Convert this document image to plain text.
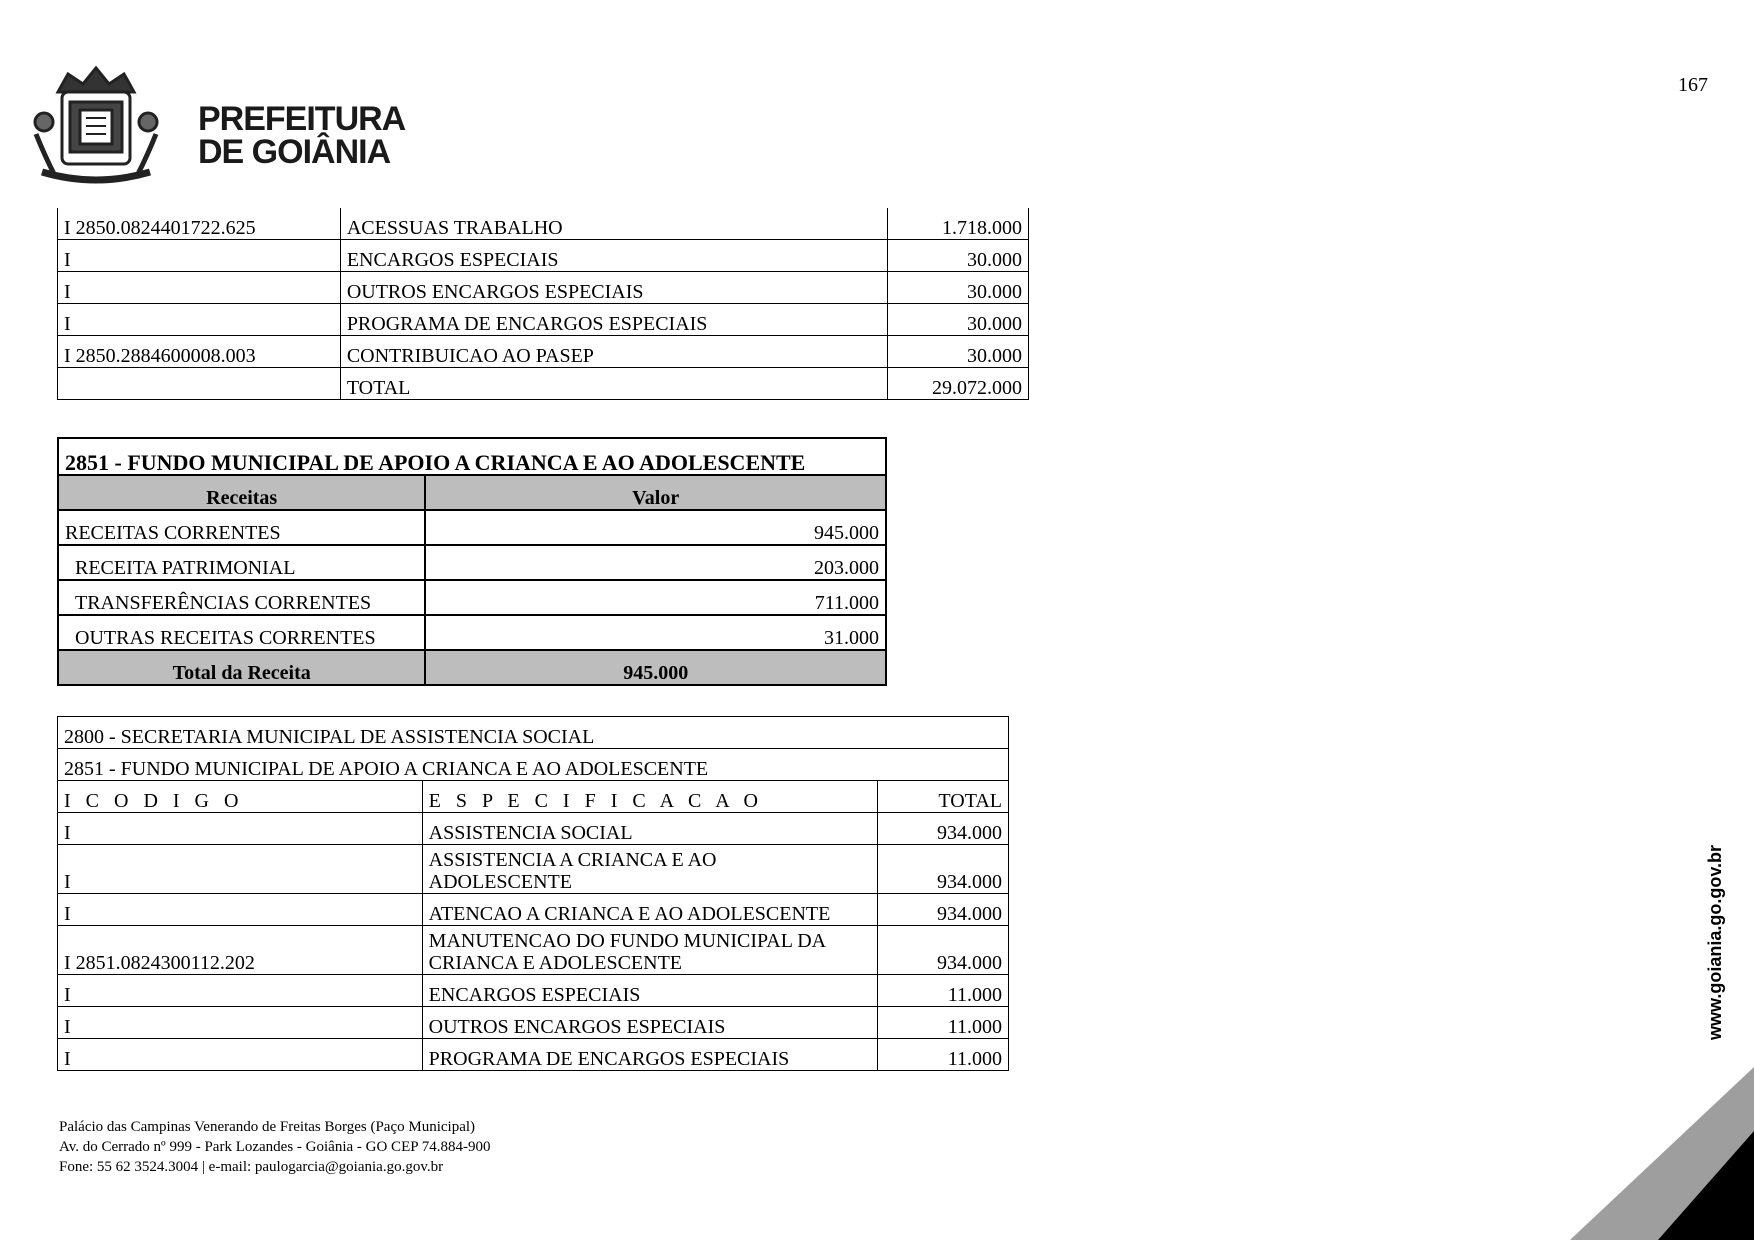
PREFEITURA
DE GOIÂNIA
167
I 2850.0824401722.625	ACESSUAS TRABALHO	1.718.000
I	ENCARGOS ESPECIAIS	30.000
I	OUTROS ENCARGOS ESPECIAIS	30.000
I	PROGRAMA DE ENCARGOS ESPECIAIS	30.000
I 2850.2884600008.003	CONTRIBUICAO AO PASEP	30.000
	TOTAL	29.072.000
2851 - FUNDO MUNICIPAL DE APOIO A CRIANCA E AO ADOLESCENTE	
Receitas	Valor
RECEITAS CORRENTES	945.000
RECEITA PATRIMONIAL	203.000
TRANSFERÊNCIAS CORRENTES	711.000
OUTRAS RECEITAS CORRENTES	31.000
Total da Receita	945.000
2800 - SECRETARIA MUNICIPAL DE ASSISTENCIA SOCIAL		
2851 - FUNDO MUNICIPAL DE APOIO A CRIANCA E AO ADOLESCENTE		
I C O D I G O	E S P E C I F I C A C A O	TOTAL
I	ASSISTENCIA SOCIAL	934.000
I	ASSISTENCIA A CRIANCA E AO
ADOLESCENTE	934.000
I	ATENCAO A CRIANCA E AO ADOLESCENTE	934.000
I 2851.0824300112.202	MANUTENCAO DO FUNDO MUNICIPAL DA
CRIANCA E ADOLESCENTE	934.000
I	ENCARGOS ESPECIAIS	11.000
I	OUTROS ENCARGOS ESPECIAIS	11.000
I	PROGRAMA DE ENCARGOS ESPECIAIS	11.000
Palácio das Campinas Venerando de Freitas Borges (Paço Municipal)
Av. do Cerrado nº 999 - Park Lozandes - Goiânia - GO CEP 74.884-900
Fone: 55 62 3524.3004 | e-mail: paulogarcia@goiania.go.gov.br
www.goiania.go.gov.br
